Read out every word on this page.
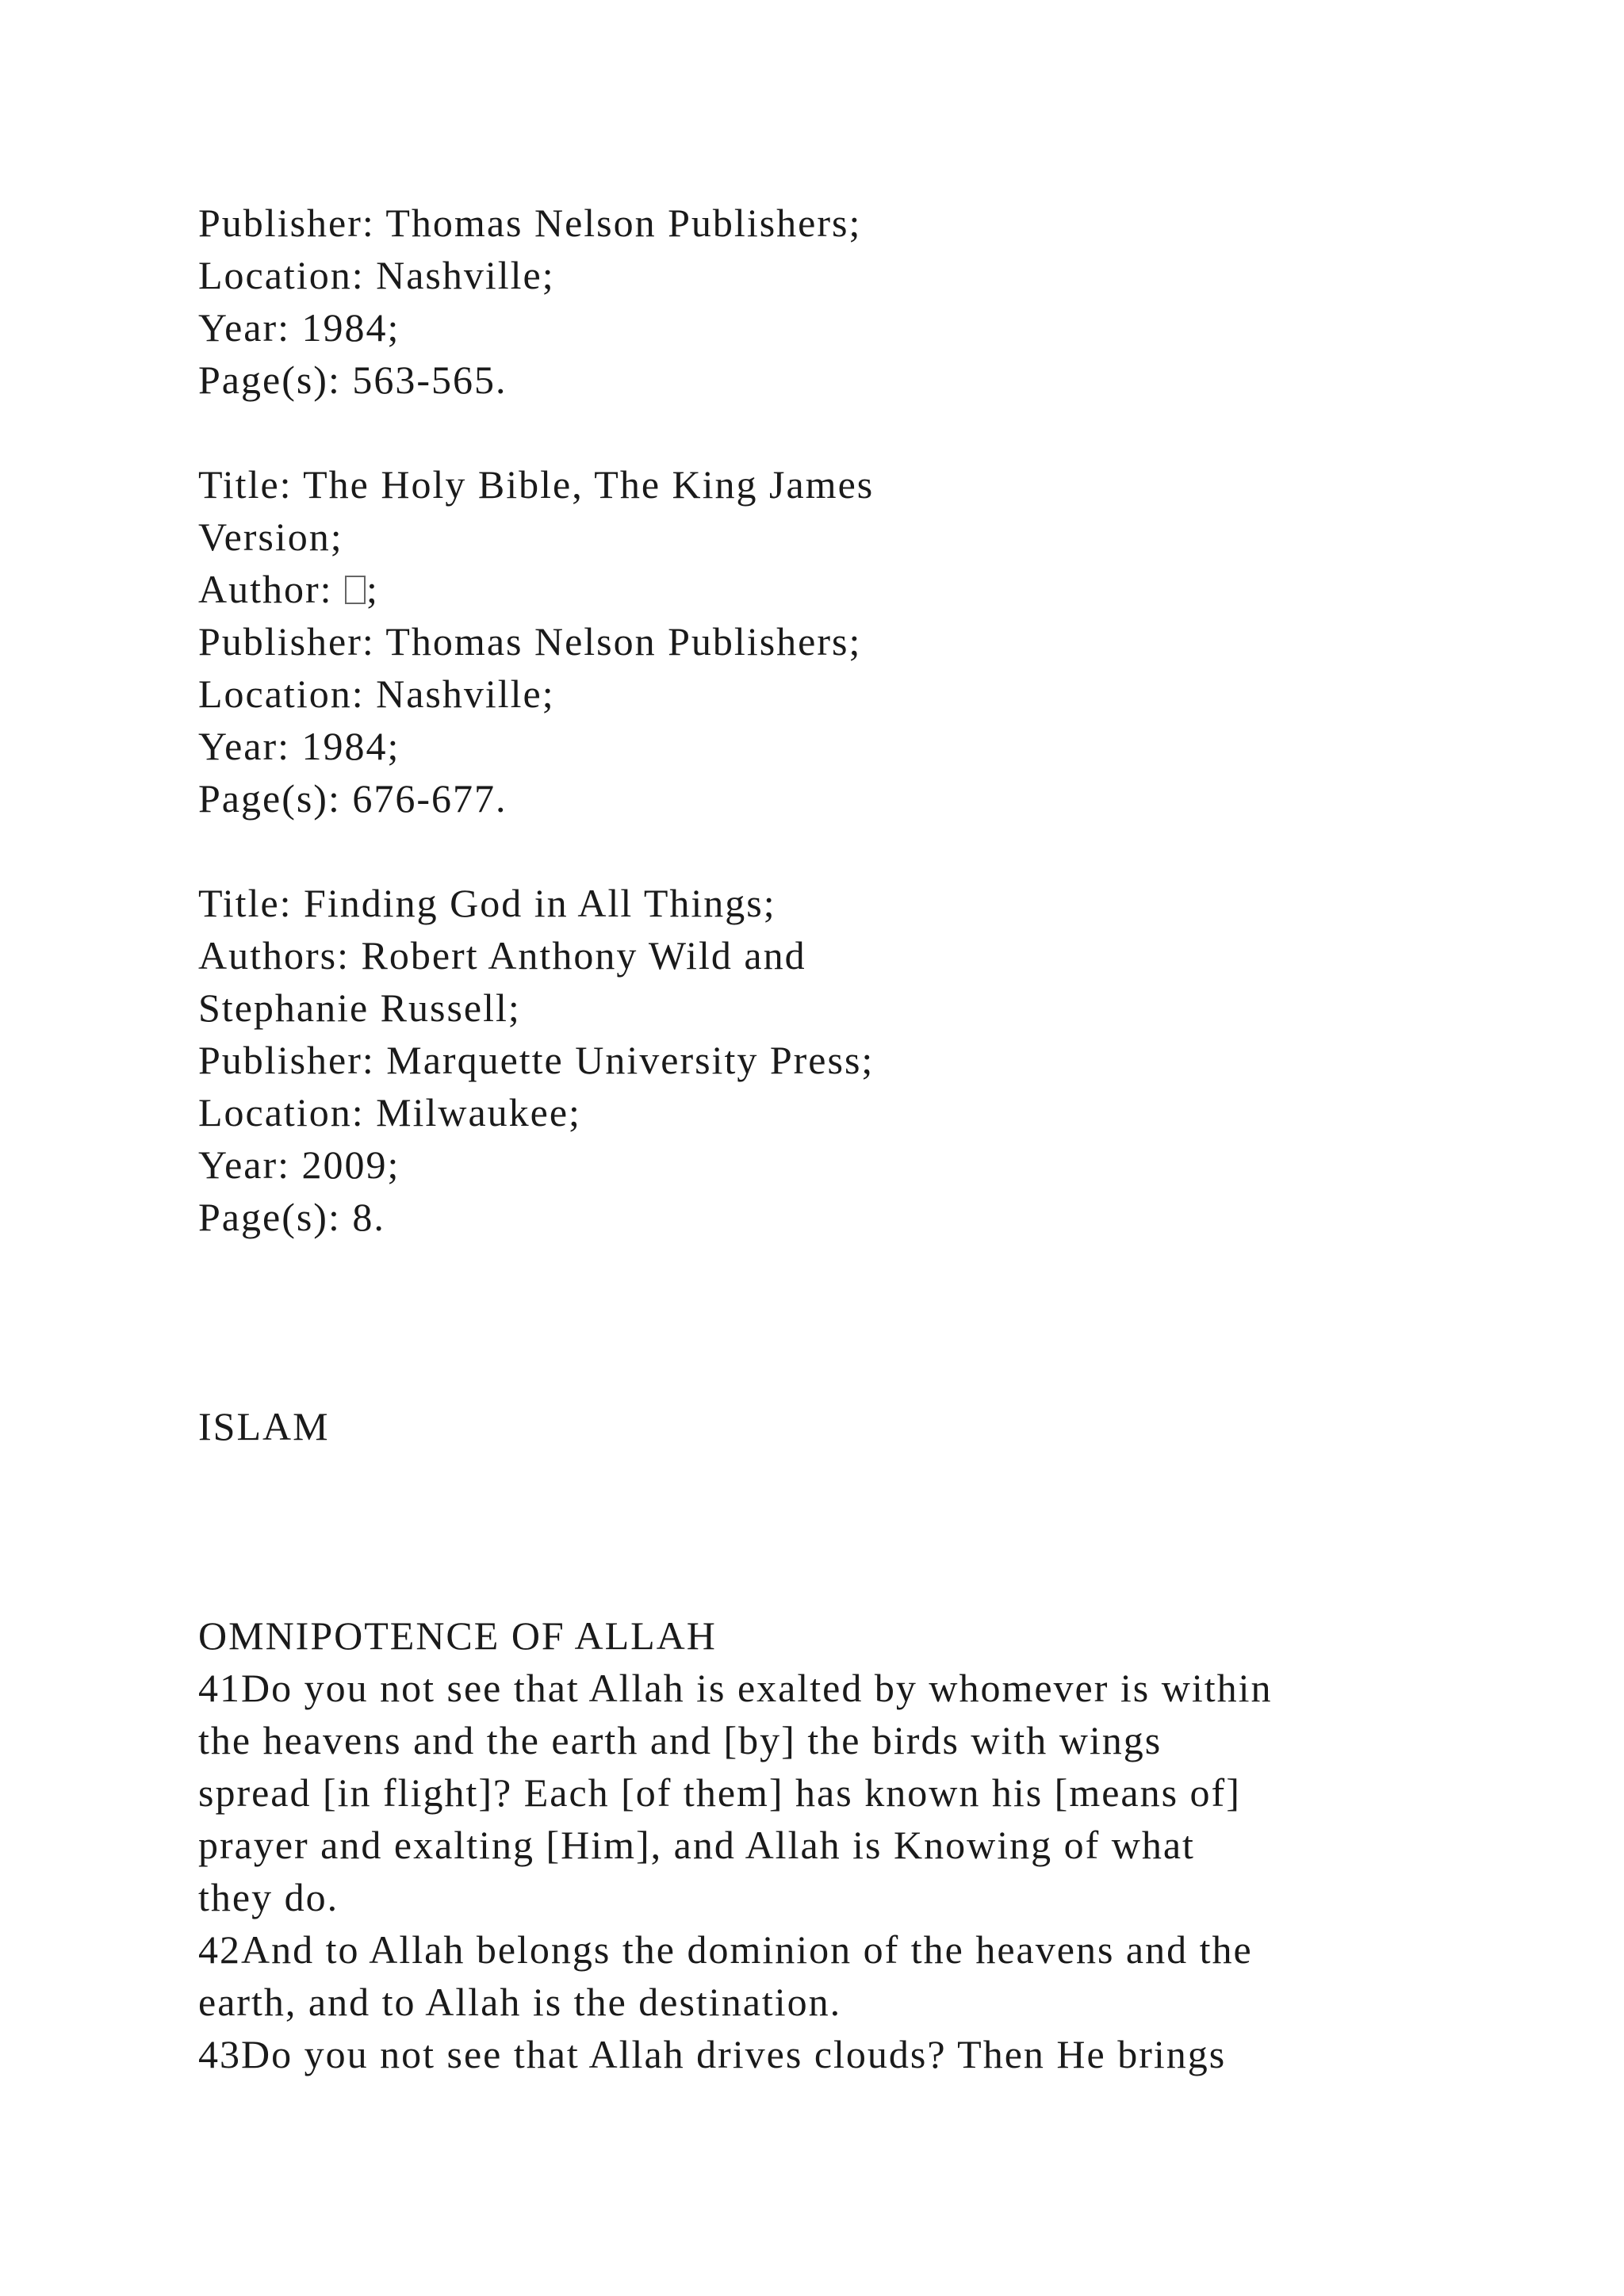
Publisher: Thomas Nelson Publishers;

Location: Nashville;

Year: 1984;

Page(s): 563-565.

Title: The Holy Bible, The King James

Version;

Author: ;

Publisher: Thomas Nelson Publishers;

Location: Nashville;

Year: 1984;

Page(s): 676-677.

Title: Finding God in All Things;

Authors: Robert Anthony Wild and

Stephanie Russell;

Publisher: Marquette University Press;

Location: Milwaukee;

Year: 2009;

Page(s): 8.

ISLAM

OMNIPOTENCE OF ALLAH

41Do you not see that Allah is exalted by whomever is within

the heavens and the earth and [by] the birds with wings

spread [in flight]? Each [of them] has known his [means of]

prayer and exalting [Him], and Allah is Knowing of what

they do.

42And to Allah belongs the dominion of the heavens and the

earth, and to Allah is the destination.

43Do you not see that Allah drives clouds? Then He brings
